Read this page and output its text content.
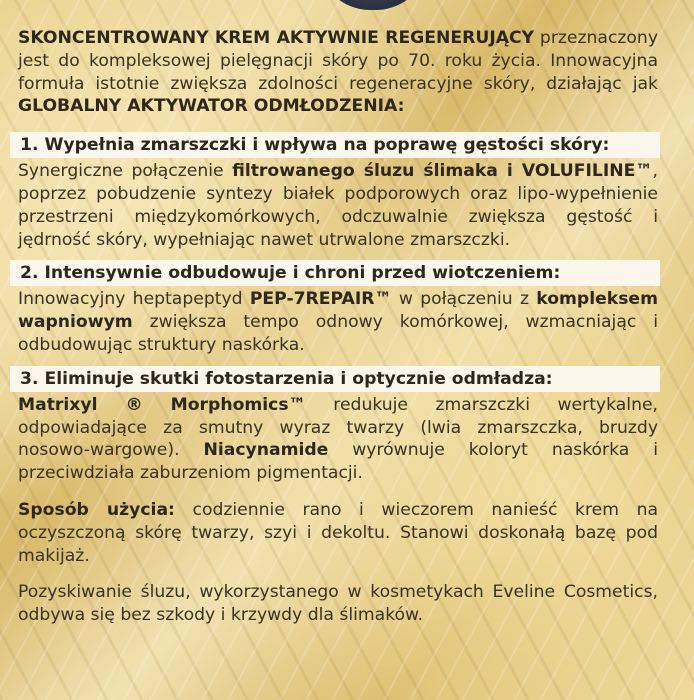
SKONCENTROWANY KREM AKTYWNIE REGENERUJĄCY przeznaczony jest do kompleksowej pielęgnacji skóry po 70. roku życia. Innowacyjna formuła istotnie zwiększa zdolności regeneracyjne skóry, działając jak GLOBALNY AKTYWATOR ODMŁODZENIA:

1. Wypełnia zmarszczki i wpływa na poprawę gęstości skóry:

Synergiczne połączenie filtrowanego śluzu ślimaka i VOLUFILINE™, poprzez pobudzenie syntezy białek podporowych oraz lipo-wypełnienie przestrzeni międzykomórkowych, odczuwalnie zwiększa gęstość i jędrność skóry, wypełniając nawet utrwalone zmarszczki.

2. Intensywnie odbudowuje i chroni przed wiotczeniem:

Innowacyjny heptapeptyd PEP-7REPAIR™ w połączeniu z kompleksem wapniowym zwiększa tempo odnowy komórkowej, wzmacniając i odbudowując struktury naskórka.

3. Eliminuje skutki fotostarzenia i optycznie odmładza:

Matrixyl ® Morphomics™ redukuje zmarszczki wertykalne, odpowiadające za smutny wyraz twarzy (lwia zmarszczka, bruzdy nosowo-wargowe). Niacynamide wyrównuje koloryt naskórka i przeciwdziała zaburzeniom pigmentacji.

Sposób użycia: codziennie rano i wieczorem nanieść krem na oczyszczoną skórę twarzy, szyi i dekoltu. Stanowi doskonałą bazę pod makijaż.

Pozyskiwanie śluzu, wykorzystanego w kosmetykach Eveline Cosmetics, odbywa się bez szkody i krzywdy dla ślimaków.
